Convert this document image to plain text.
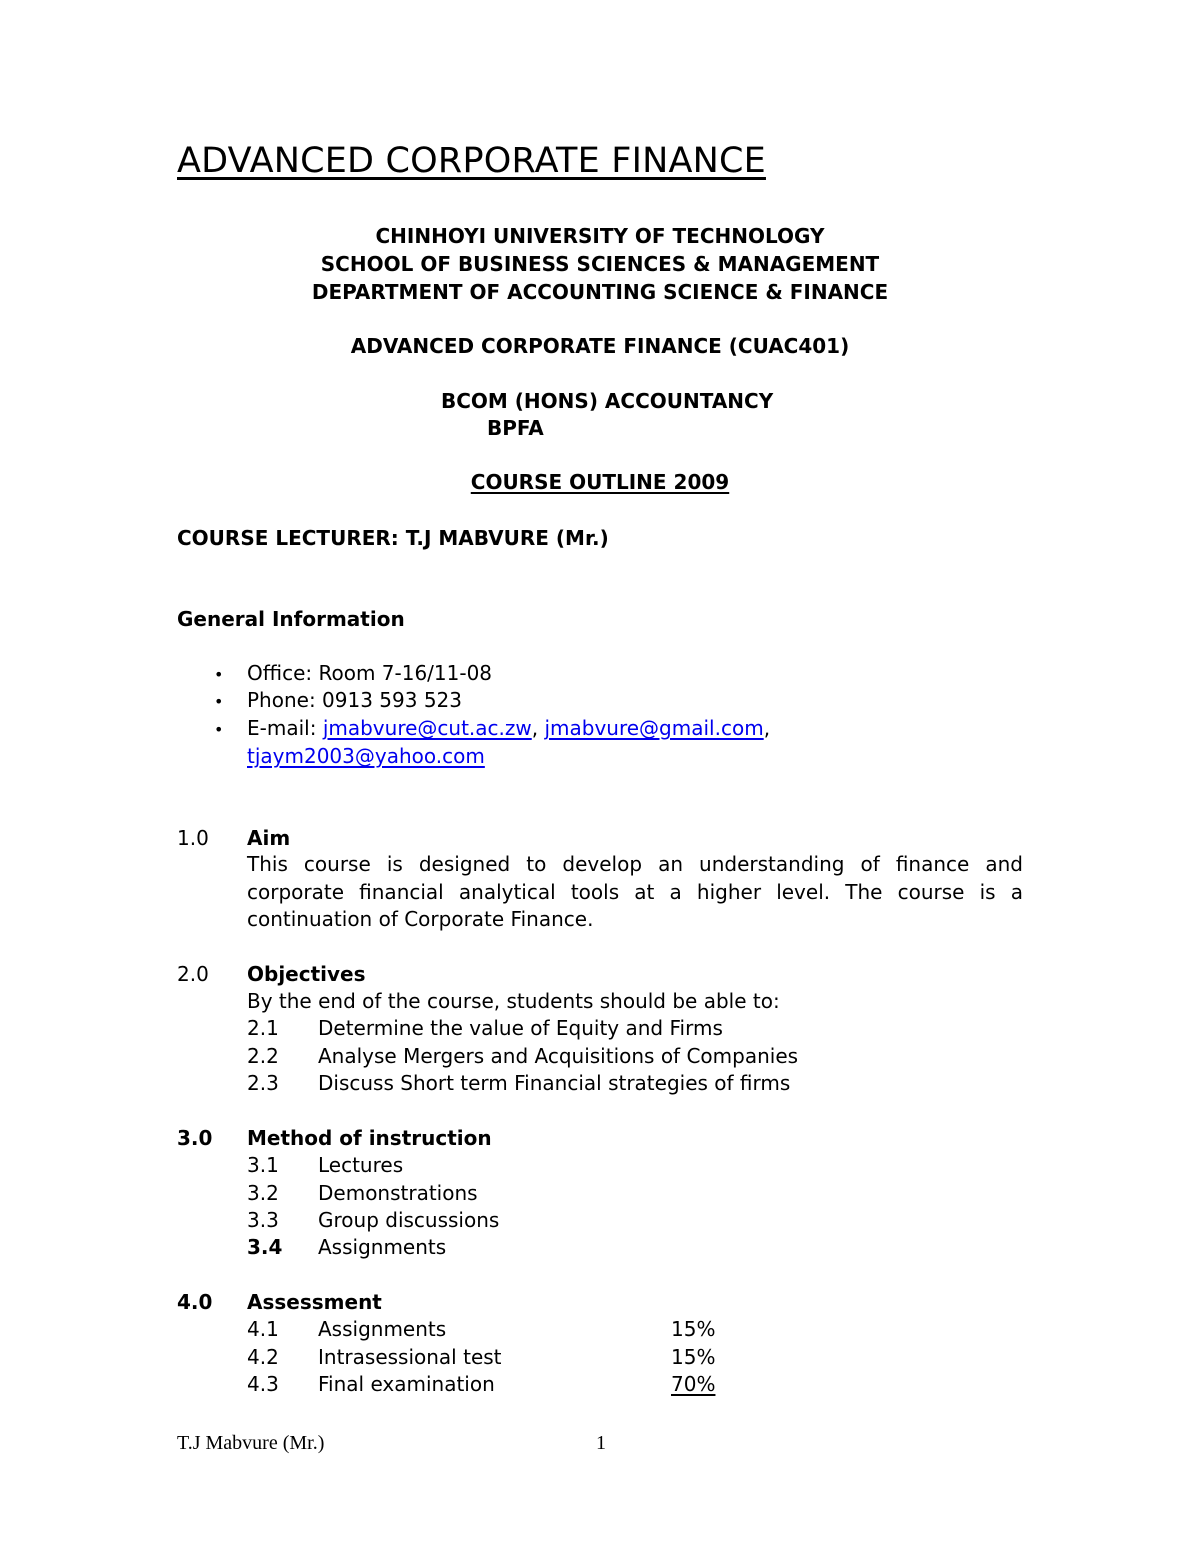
ADVANCED CORPORATE FINANCE
CHINHOYI UNIVERSITY OF TECHNOLOGY
SCHOOL OF BUSINESS SCIENCES & MANAGEMENT
DEPARTMENT OF ACCOUNTING SCIENCE & FINANCE
ADVANCED CORPORATE FINANCE (CUAC401)
BCOM (HONS) ACCOUNTANCY
BPFA
COURSE OUTLINE 2009
COURSE LECTURER: T.J MABVURE (Mr.)
General Information
• Office: Room 7-16/11-08
• Phone: 0913 593 523
• E-mail: jmabvure@cut.ac.zw, jmabvure@gmail.com,
tjaym2003@yahoo.com
1.0 Aim
This course is designed to develop an understanding of finance and corporate financial analytical tools at a higher level. The course is a continuation of Corporate Finance.
2.0 Objectives
By the end of the course, students should be able to:
2.1 Determine the value of Equity and Firms
2.2 Analyse Mergers and Acquisitions of Companies
2.3 Discuss Short term Financial strategies of firms
3.0 Method of instruction
3.1 Lectures
3.2 Demonstrations
3.3 Group discussions
3.4 Assignments
4.0 Assessment
4.1 Assignments	15%
4.2 Intrasessional test	15%
4.3 Final examination	70%
T.J Mabvure (Mr.)	1
